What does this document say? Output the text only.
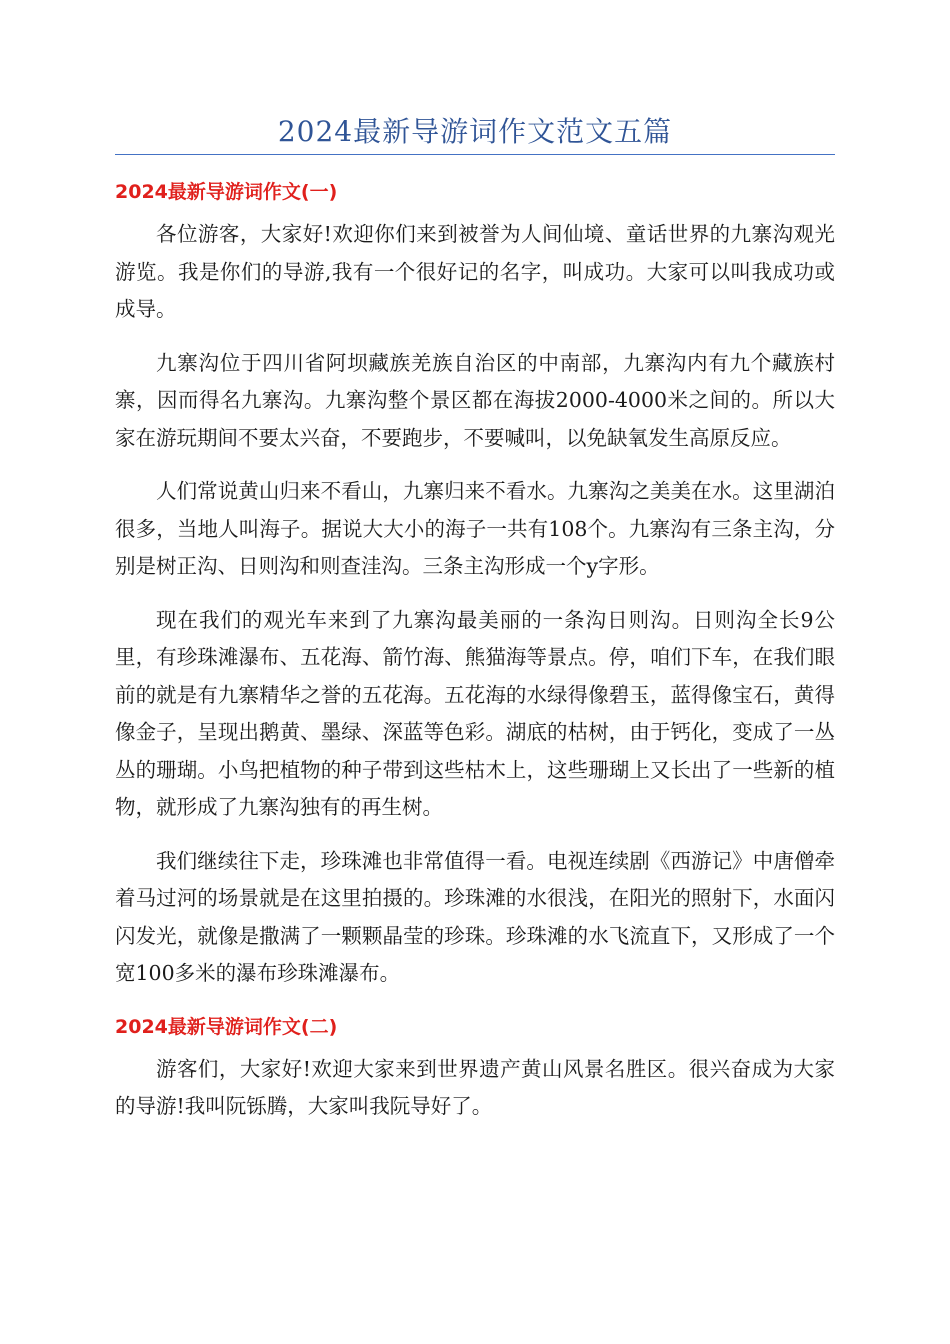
2024最新导游词作文范文五篇
2024最新导游词作文(一)

各位游客，大家好!欢迎你们来到被誉为人间仙境、童话世界的九寨沟观光游览。我是你们的导游,我有一个很好记的名字，叫成功。大家可以叫我成功或成导。

九寨沟位于四川省阿坝藏族羌族自治区的中南部，九寨沟内有九个藏族村寨，因而得名九寨沟。九寨沟整个景区都在海拔2000-4000米之间的。所以大家在游玩期间不要太兴奋，不要跑步，不要喊叫，以免缺氧发生高原反应。

人们常说黄山归来不看山，九寨归来不看水。九寨沟之美美在水。这里湖泊很多，当地人叫海子。据说大大小的海子一共有108个。九寨沟有三条主沟，分别是树正沟、日则沟和则查洼沟。三条主沟形成一个y字形。

现在我们的观光车来到了九寨沟最美丽的一条沟日则沟。日则沟全长9公里，有珍珠滩瀑布、五花海、箭竹海、熊猫海等景点。停，咱们下车，在我们眼前的就是有九寨精华之誉的五花海。五花海的水绿得像碧玉，蓝得像宝石，黄得像金子，呈现出鹅黄、墨绿、深蓝等色彩。湖底的枯树，由于钙化，变成了一丛丛的珊瑚。小鸟把植物的种子带到这些枯木上，这些珊瑚上又长出了一些新的植物，就形成了九寨沟独有的再生树。

我们继续往下走，珍珠滩也非常值得一看。电视连续剧《西游记》中唐僧牵着马过河的场景就是在这里拍摄的。珍珠滩的水很浅，在阳光的照射下，水面闪闪发光，就像是撒满了一颗颗晶莹的珍珠。珍珠滩的水飞流直下，又形成了一个宽100多米的瀑布珍珠滩瀑布。

2024最新导游词作文(二)

游客们，大家好!欢迎大家来到世界遗产黄山风景名胜区。很兴奋成为大家的导游!我叫阮铄腾，大家叫我阮导好了。
